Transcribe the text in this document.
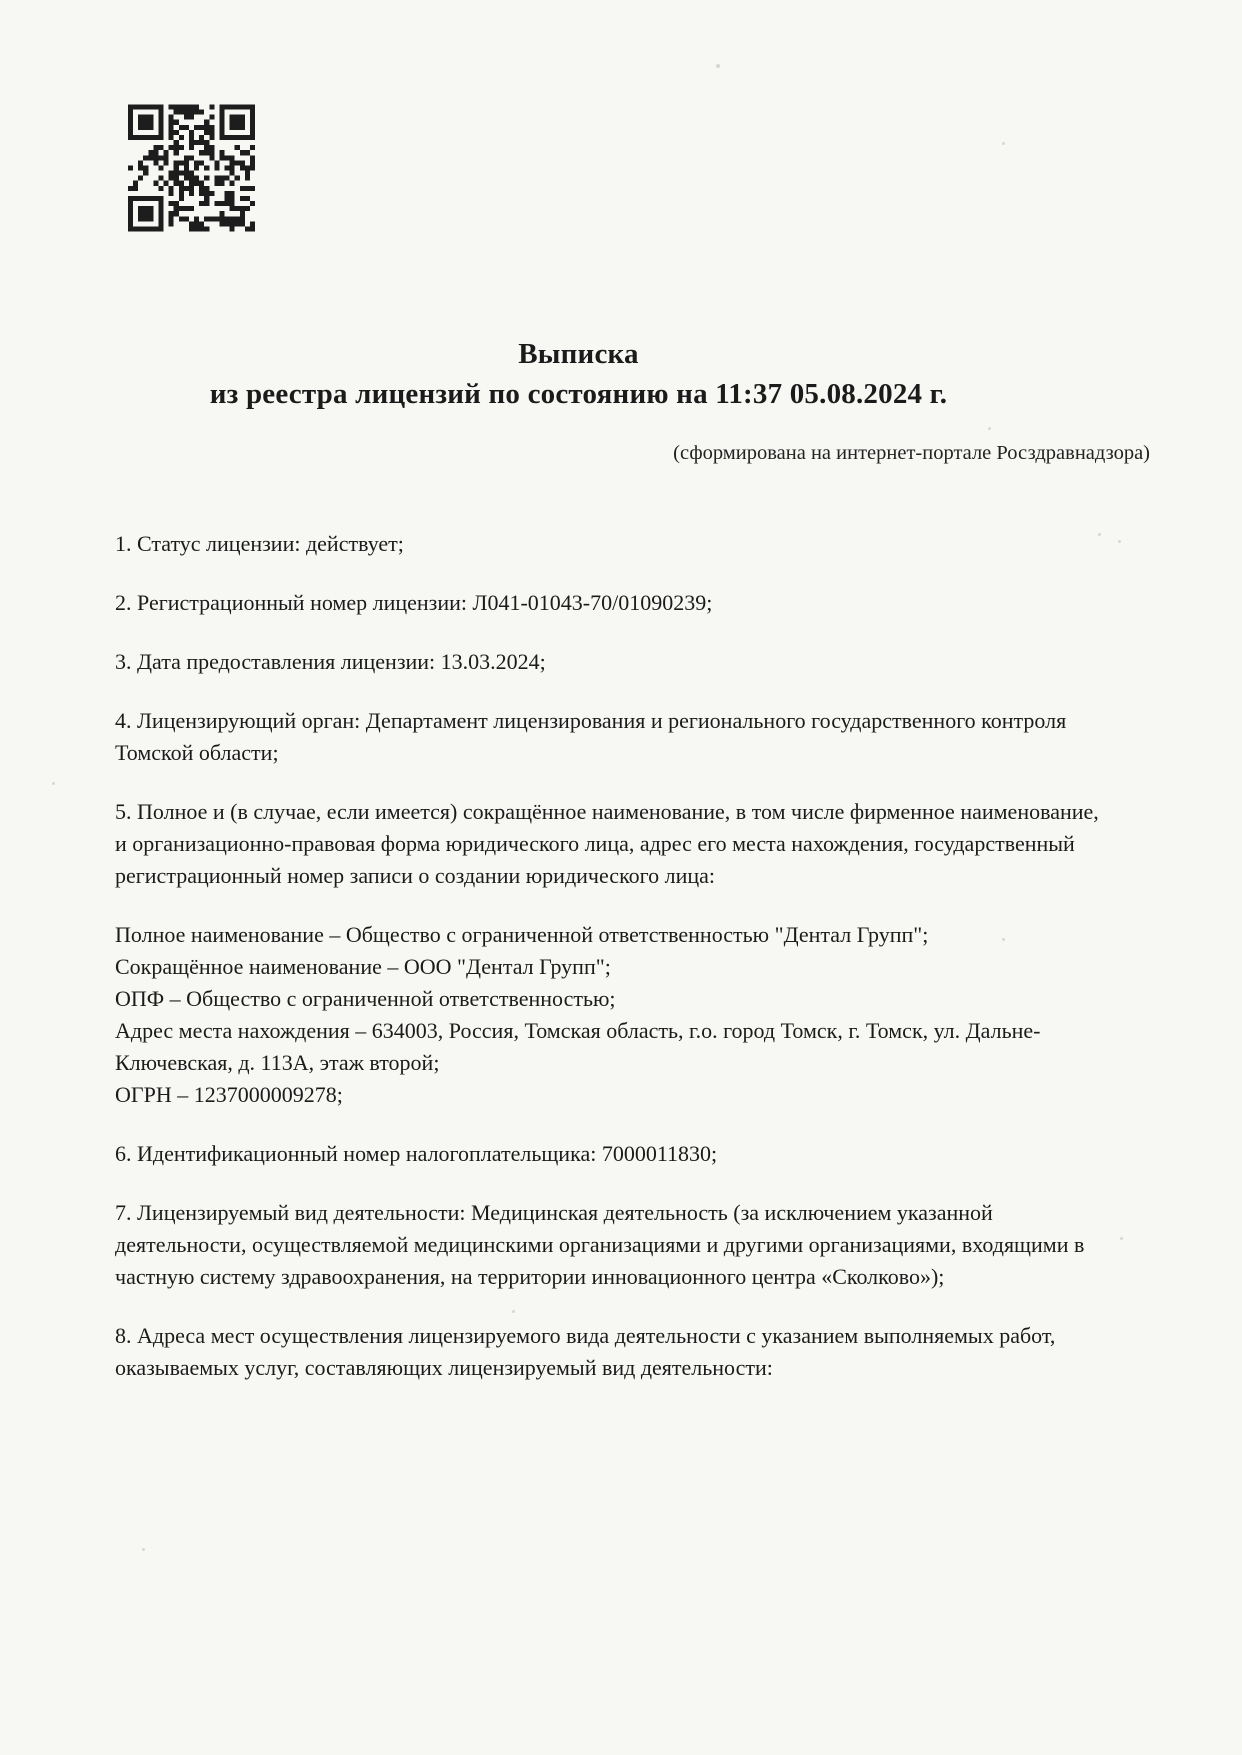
Выписка
из реестра лицензий по состоянию на 11:37 05.08.2024 г.
(сформирована на интернет-портале Росздравнадзора)

1. Статус лицензии: действует;

2. Регистрационный номер лицензии: Л041-01043-70/01090239;

3. Дата предоставления лицензии: 13.03.2024;

4. Лицензирующий орган: Департамент лицензирования и регионального государственного контроля Томской области;

5. Полное и (в случае, если имеется) сокращённое наименование, в том числе фирменное наименование, и организационно-правовая форма юридического лица, адрес его места нахождения, государственный регистрационный номер записи о создании юридического лица:

Полное наименование – Общество с ограниченной ответственностью "Дентал Групп";
Сокращённое наименование – ООО "Дентал Групп";
ОПФ – Общество с ограниченной ответственностью;
Адрес места нахождения – 634003, Россия, Томская область, г.о. город Томск, г. Томск, ул. Дальне-Ключевская, д. 113А, этаж второй;
ОГРН – 1237000009278;

6. Идентификационный номер налогоплательщика: 7000011830;

7. Лицензируемый вид деятельности: Медицинская деятельность (за исключением указанной деятельности, осуществляемой медицинскими организациями и другими организациями, входящими в частную систему здравоохранения, на территории инновационного центра «Сколково»);

8. Адреса мест осуществления лицензируемого вида деятельности с указанием выполняемых работ, оказываемых услуг, составляющих лицензируемый вид деятельности:
